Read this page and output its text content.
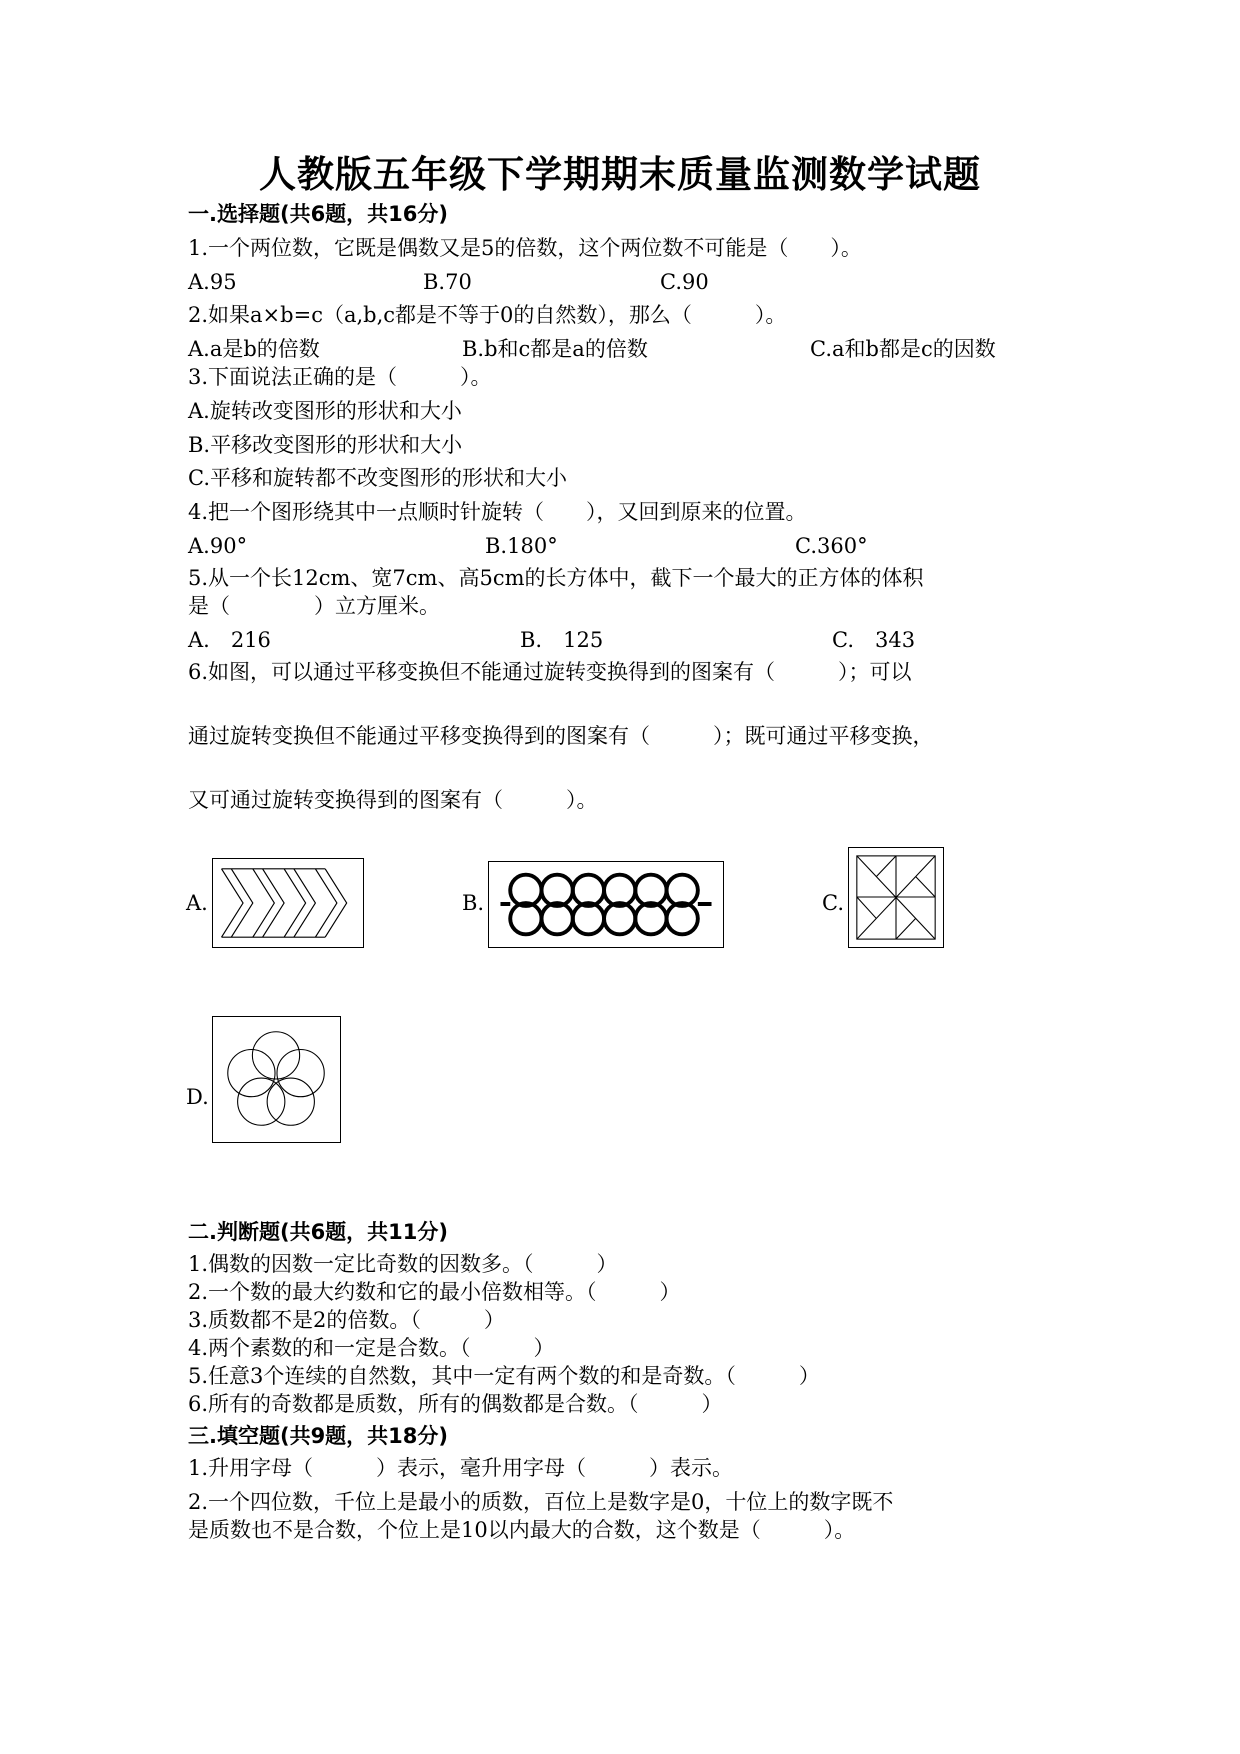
人教版五年级下学期期末质量监测数学试题
一.选择题(共6题，共16分)
1.一个两位数，它既是偶数又是5的倍数，这个两位数不可能是（　　）。
A.95	B.70	C.90
2.如果a×b=c（a,b,c都是不等于0的自然数），那么（　　　）。
A.a是b的倍数	B.b和c都是a的倍数	C.a和b都是c的因数
3.下面说法正确的是（　　　）。
A.旋转改变图形的形状和大小
B.平移改变图形的形状和大小
C.平移和旋转都不改变图形的形状和大小
4.把一个图形绕其中一点顺时针旋转（　　），又回到原来的位置。
A.90°	B.180°	C.360°
5.从一个长12cm、宽7cm、高5cm的长方体中，截下一个最大的正方体的体积
是（　　　　）立方厘米。
A.　216	B.　125	C.　343
6.如图，可以通过平移变换但不能通过旋转变换得到的图案有（　　　）；可以
通过旋转变换但不能通过平移变换得到的图案有（　　　）；既可通过平移变换，
又可通过旋转变换得到的图案有（　　　）。
A.	B.	C.
D.
二.判断题(共6题，共11分)
1.偶数的因数一定比奇数的因数多。（　　　）
2.一个数的最大约数和它的最小倍数相等。（　　　）
3.质数都不是2的倍数。（　　　）
4.两个素数的和一定是合数。（　　　）
5.任意3个连续的自然数，其中一定有两个数的和是奇数。（　　　）
6.所有的奇数都是质数，所有的偶数都是合数。（　　　）
三.填空题(共9题，共18分)
1.升用字母（　　　）表示，毫升用字母（　　　）表示。
2.一个四位数，千位上是最小的质数，百位上是数字是0，十位上的数字既不
是质数也不是合数，个位上是10以内最大的合数，这个数是（　　　）。
